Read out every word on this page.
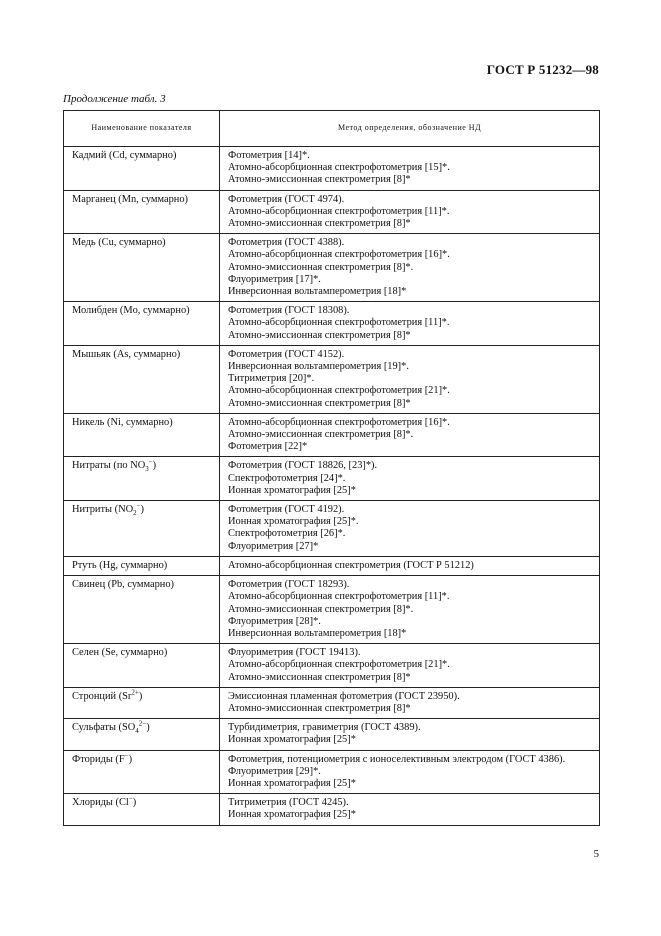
ГОСТ Р 51232—98
Продолжение табл. 3
Наименование показателя	Метод определения, обозначение НД
Кадмий (Cd, суммарно)	Фотометрия [14]*.
Атомно-абсорбционная спектрофотометрия [15]*.
Атомно-эмиссионная спектрометрия [8]*

Марганец (Mn, суммарно)	Фотометрия (ГОСТ 4974).
Атомно-абсорбционная спектрофотометрия [11]*.
Атомно-эмиссионная спектрометрия [8]*

Медь (Cu, суммарно)	Фотометрия (ГОСТ 4388).
Атомно-абсорбционная спектрофотометрия [16]*.
Атомно-эмиссионная спектрометрия [8]*.
Флуориметрия [17]*.
Инверсионная вольтамперометрия [18]*

Молибден (Mo, суммарно)	Фотометрия (ГОСТ 18308).
Атомно-абсорбционная спектрофотометрия [11]*.
Атомно-эмиссионная спектрометрия [8]*

Мышьяк (As, суммарно)	Фотометрия (ГОСТ 4152).
Инверсионная вольтамперометрия [19]*.
Титриметрия [20]*.
Атомно-абсорбционная спектрофотометрия [21]*.
Атомно-эмиссионная спектрометрия [8]*

Никель (Ni, суммарно)	Атомно-абсорбционная спектрофотометрия [16]*.
Атомно-эмиссионная спектрометрия [8]*.
Фотометрия [22]*

Нитраты (по $NO_3^-$)	Фотометрия (ГОСТ 18826, [23]*).
Спектрофотометрия [24]*.
Ионная хроматография [25]*

Нитриты $(NO_2^-)$	Фотометрия (ГОСТ 4192).
Ионная хроматография [25]*.
Спектрофотометрия [26]*.
Флуориметрия [27]*

Ртуть (Hg, суммарно)	Атомно-абсорбционная спектрометрия (ГОСТ Р 51212)

Свинец (Pb, суммарно)	Фотометрия (ГОСТ 18293).
Атомно-абсорбционная спектрофотометрия [11]*.
Атомно-эмиссионная спектрометрия [8]*.
Флуориметрия [28]*.
Инверсионная вольтамперометрия [18]*

Селен (Se, суммарно)	Флуориметрия (ГОСТ 19413).
Атомно-абсорбционная спектрофотометрия [21]*.
Атомно-эмиссионная спектрометрия [8]*

Стронций $(Sr^{2+})$	Эмиссионная пламенная фотометрия (ГОСТ 23950).
Атомно-эмиссионная спектрометрия [8]*

Сульфаты $(SO_4^{2-})$	Турбидиметрия, гравиметрия (ГОСТ 4389).
Ионная хроматография [25]*

Фториды (F−)	Фотометрия, потенциометрия с ионоселективным электродом (ГОСТ 4386).
Флуориметрия [29]*.
Ионная хроматография [25]*

Хлориды (Cl−)	Титриметрия (ГОСТ 4245).
Ионная хроматография [25]*
5
